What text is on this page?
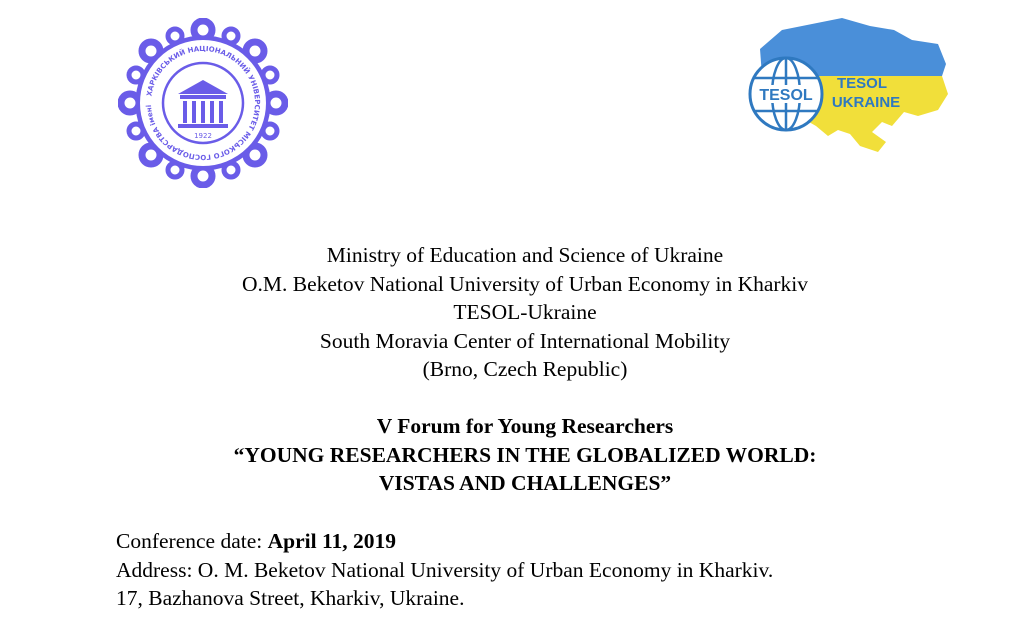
ХАРКІВСЬКИЙ НАЦІОНАЛЬНИЙ УНІВЕРСИТЕТ МІСЬКОГО ГОСПОДАРСТВА імені
1922
TESOL
TESOL
UKRAINE
Ministry of Education and Science of Ukraine
O.M. Beketov National University of Urban Economy in Kharkiv
TESOL-Ukraine
South Moravia Center of International Mobility
(Brno, Czech Republic)
V Forum for Young Researchers
“YOUNG RESEARCHERS IN THE GLOBALIZED WORLD:
VISTAS AND CHALLENGES”
Conference date: April 11, 2019
Address: O. M. Beketov National University of Urban Economy in Kharkiv.
17, Bazhanova Street, Kharkiv, Ukraine.
